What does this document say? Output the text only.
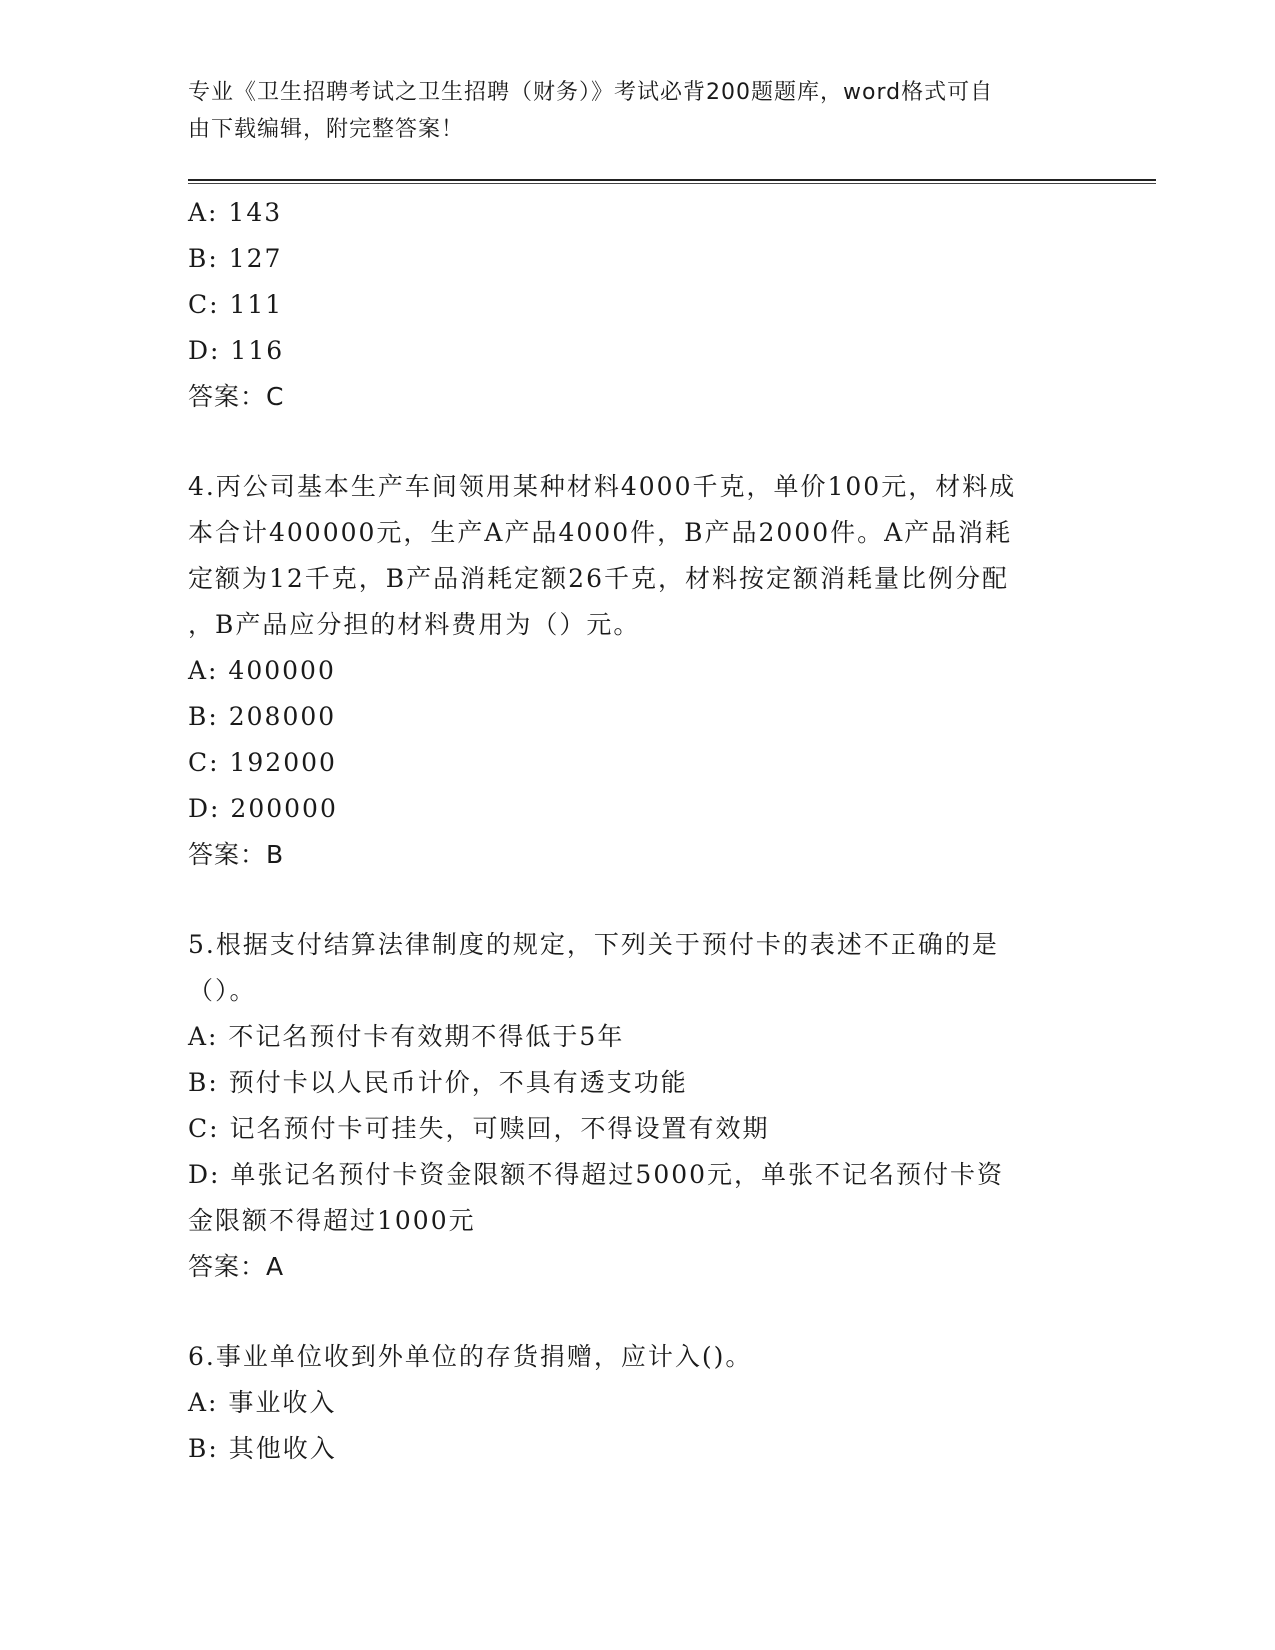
专业《卫生招聘考试之卫生招聘（财务）》考试必背200题题库，word格式可自
由下载编辑，附完整答案！

A: 143

B: 127

C: 111

D: 116

答案：C

4.丙公司基本生产车间领用某种材料4000千克，单价100元，材料成

本合计400000元，生产A产品4000件，B产品2000件。A产品消耗

定额为12千克，B产品消耗定额26千克，材料按定额消耗量比例分配

，B产品应分担的材料费用为（）元。

A: 400000

B: 208000

C: 192000

D: 200000

答案：B

5.根据支付结算法律制度的规定，下列关于预付卡的表述不正确的是

（）。

A: 不记名预付卡有效期不得低于5年

B: 预付卡以人民币计价，不具有透支功能

C: 记名预付卡可挂失，可赎回，不得设置有效期

D: 单张记名预付卡资金限额不得超过5000元，单张不记名预付卡资

金限额不得超过1000元

答案：A

6.事业单位收到外单位的存货捐赠，应计入()。

A: 事业收入

B: 其他收入
